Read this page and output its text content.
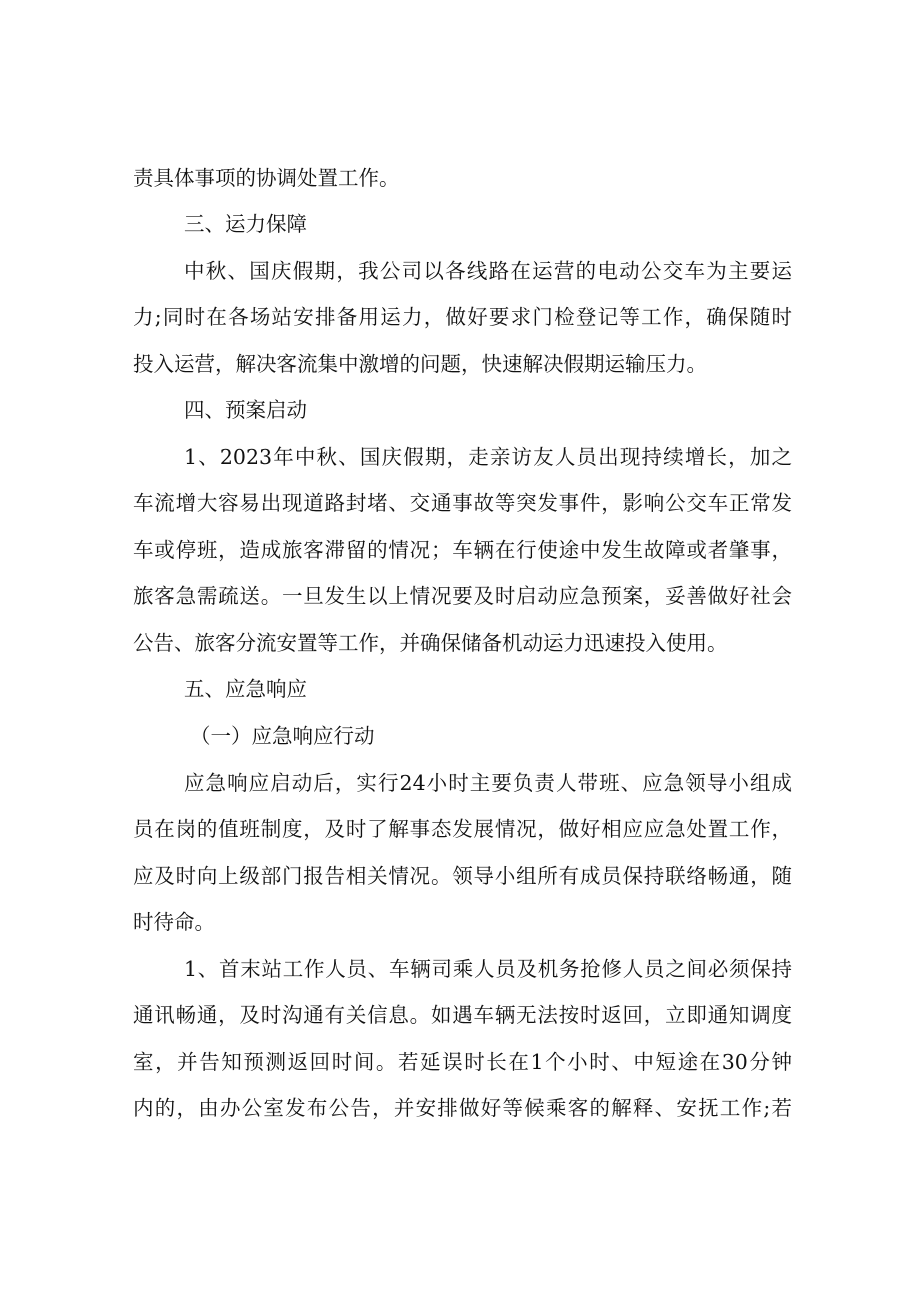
责具体事项的协调处置工作。
三、运力保障
中秋、国庆假期，我公司以各线路在运营的电动公交车为主要运
力;同时在各场站安排备用运力，做好要求门检登记等工作，确保随时
投入运营，解决客流集中激增的问题，快速解决假期运输压力。
四、预案启动
1、2023年中秋、国庆假期，走亲访友人员出现持续增长，加之
车流增大容易出现道路封堵、交通事故等突发事件，影响公交车正常发
车或停班，造成旅客滞留的情况；车辆在行使途中发生故障或者肇事，
旅客急需疏送。一旦发生以上情况要及时启动应急预案，妥善做好社会
公告、旅客分流安置等工作，并确保储备机动运力迅速投入使用。
五、应急响应
（一）应急响应行动
应急响应启动后，实行24小时主要负责人带班、应急领导小组成
员在岗的值班制度，及时了解事态发展情况，做好相应应急处置工作，
应及时向上级部门报告相关情况。领导小组所有成员保持联络畅通，随
时待命。
1、首末站工作人员、车辆司乘人员及机务抢修人员之间必须保持
通讯畅通，及时沟通有关信息。如遇车辆无法按时返回，立即通知调度
室，并告知预测返回时间。若延误时长在1个小时、中短途在30分钟
内的，由办公室发布公告，并安排做好等候乘客的解释、安抚工作;若
